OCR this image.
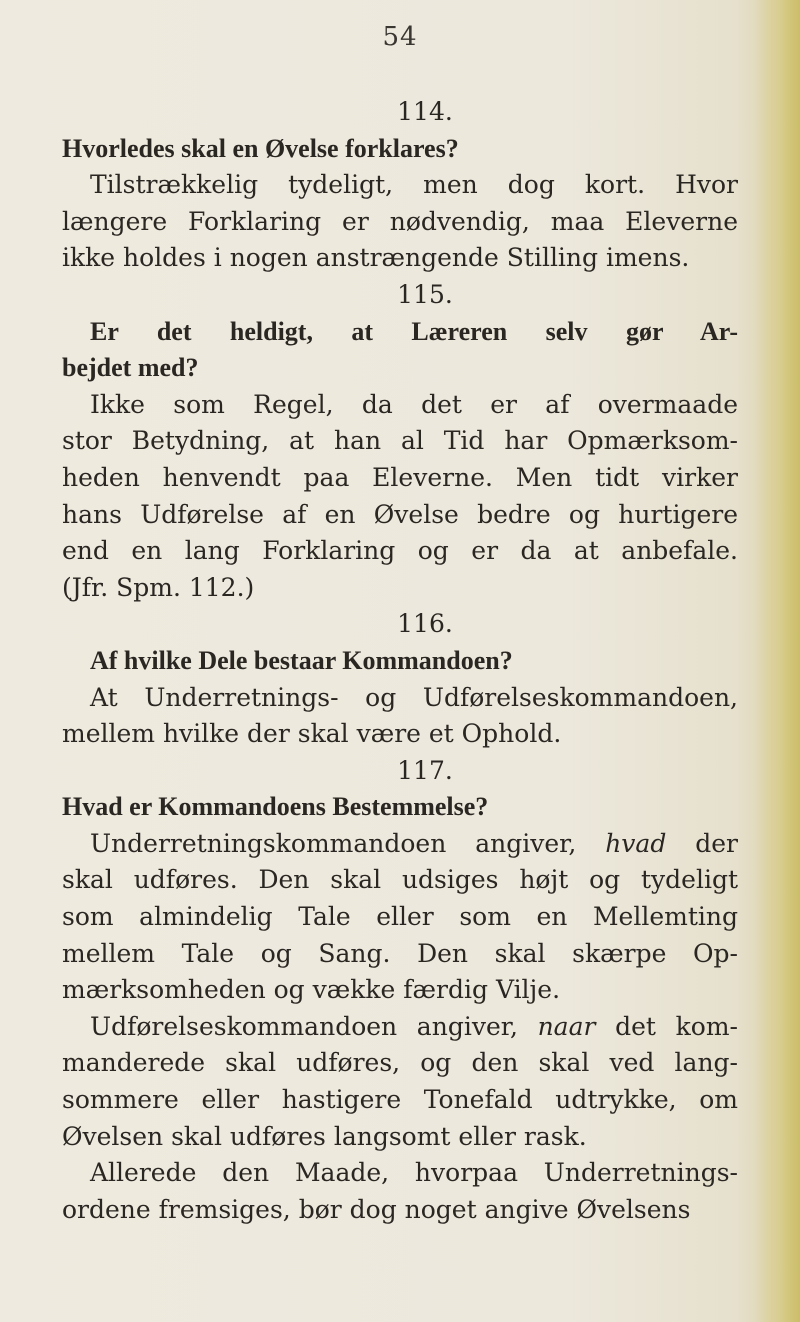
54
114.
Hvorledes skal en Øvelse forklares?
Tilstrækkelig tydeligt, men dog kort. Hvor
længere Forklaring er nødvendig, maa Eleverne
ikke holdes i nogen anstrængende Stilling imens.
115.
Er det heldigt, at Læreren selv gør Ar-
bejdet med?
Ikke som Regel, da det er af overmaade
stor Betydning, at han al Tid har Opmærksom-
heden henvendt paa Eleverne. Men tidt virker
hans Udførelse af en Øvelse bedre og hurtigere
end en lang Forklaring og er da at anbefale.
(Jfr. Spm. 112.)
116.
Af hvilke Dele bestaar Kommandoen?
At Underretnings- og Udførelseskommandoen,
mellem hvilke der skal være et Ophold.
117.
Hvad er Kommandoens Bestemmelse?
Underretningskommandoen angiver, hvad der
skal udføres. Den skal udsiges højt og tydeligt
som almindelig Tale eller som en Mellemting
mellem Tale og Sang. Den skal skærpe Op-
mærksomheden og vække færdig Vilje.
Udførelseskommandoen angiver, naar det kom-
manderede skal udføres, og den skal ved lang-
sommere eller hastigere Tonefald udtrykke, om
Øvelsen skal udføres langsomt eller rask.
Allerede den Maade, hvorpaa Underretnings-
ordene fremsiges, bør dog noget angive Øvelsens
